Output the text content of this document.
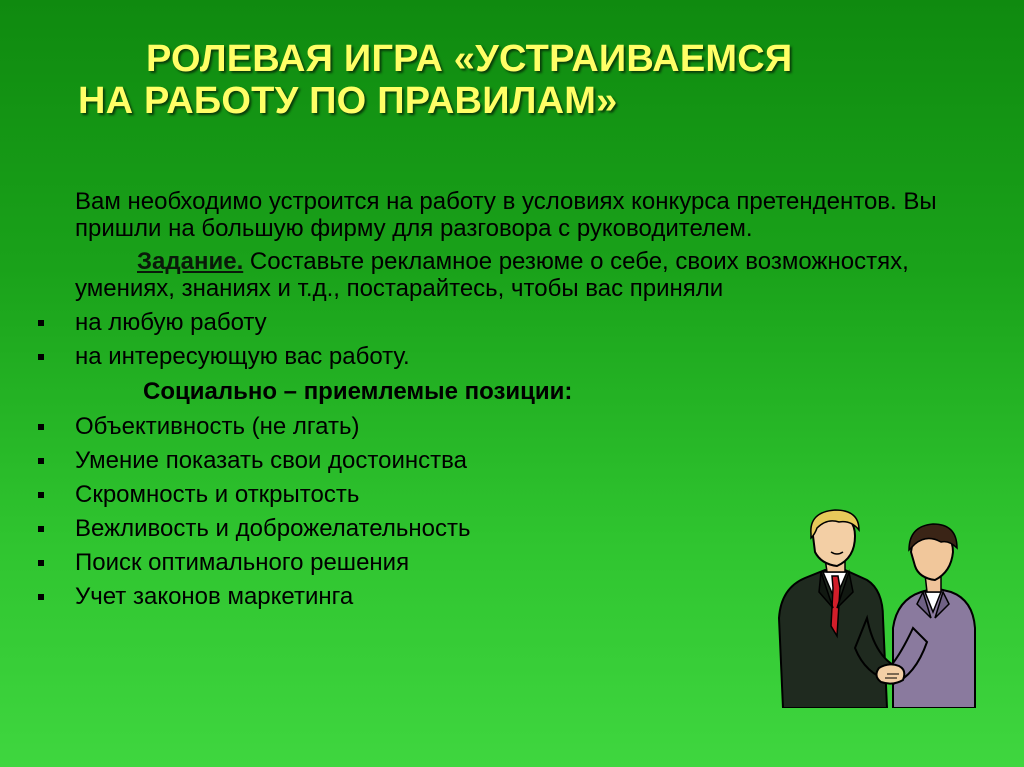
РОЛЕВАЯ ИГРА «УСТРАИВАЕМСЯ
НА РАБОТУ ПО ПРАВИЛАМ»

Вам необходимо устроится на работу в условиях конкурса претендентов. Вы пришли на большую фирму для разговора с руководителем.

Задание. Составьте рекламное резюме о себе, своих возможностях, умениях, знаниях и т.д., постарайтесь, чтобы вас приняли

на любую работу
на интересующую вас работу.
Социально – приемлемые позиции:
Объективность (не лгать)
Умение показать свои достоинства
Скромность и открытость
Вежливость и доброжелательность
Поиск оптимального решения
Учет законов маркетинга
